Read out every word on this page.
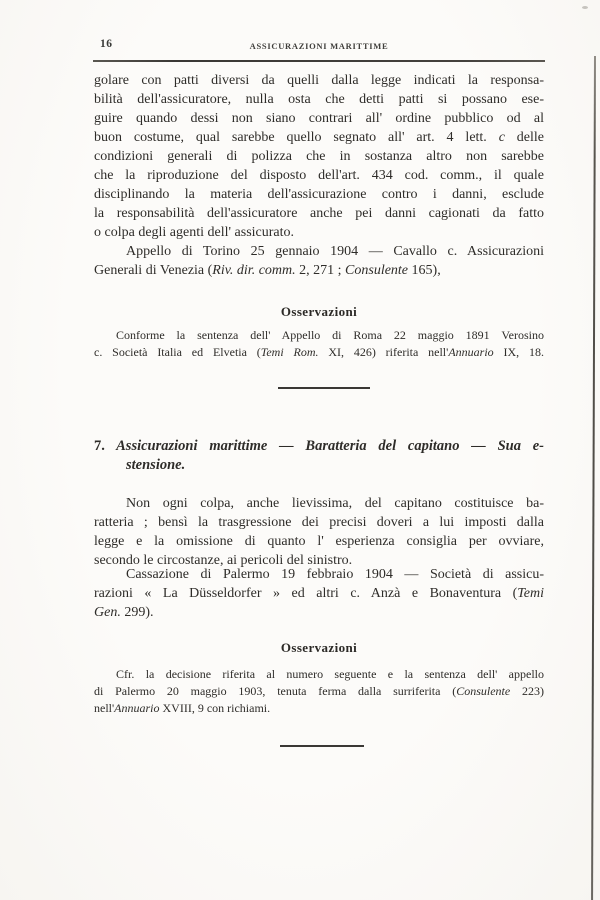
16	ASSICURAZIONI MARITTIME
golare con patti diversi da quelli dalla legge indicati la responsa-
bilità dell'assicuratore, nulla osta che detti patti si possano ese-
guire quando dessi non siano contrari all' ordine pubblico od al
buon costume, qual sarebbe quello segnato all' art. 4 lett. c delle
condizioni generali di polizza che in sostanza altro non sarebbe
che la riproduzione del disposto dell'art. 434 cod. comm., il quale
disciplinando la materia dell'assicurazione contro i danni, esclude
la responsabilità dell'assicuratore anche pei danni cagionati da fatto
o colpa degli agenti dell' assicurato.
Appello di Torino 25 gennaio 1904 — Cavallo c. Assicurazioni
Generali di Venezia (Riv. dir. comm. 2, 271 ; Consulente 165),
Osservazioni
Conforme la sentenza dell' Appello di Roma 22 maggio 1891 Verosino
c. Società Italia ed Elvetia (Temi Rom. XI, 426) riferita nell'Annuario IX, 18.
7. Assicurazioni marittime — Baratteria del capitano — Sua e-
stensione.
Non ogni colpa, anche lievissima, del capitano costituisce ba-
ratteria ; bensì la trasgressione dei precisi doveri a lui imposti dalla
legge e la omissione di quanto l' esperienza consiglia per ovviare,
secondo le circostanze, ai pericoli del sinistro.
Cassazione di Palermo 19 febbraio 1904 — Società di assicu-
razioni « La Düsseldorfer » ed altri c. Anzà e Bonaventura (Temi
Gen. 299).
Osservazioni
Cfr. la decisione riferita al numero seguente e la sentenza dell' appello
di Palermo 20 maggio 1903, tenuta ferma dalla surriferita (Consulente 223)
nell'Annuario XVIII, 9 con richiami.
